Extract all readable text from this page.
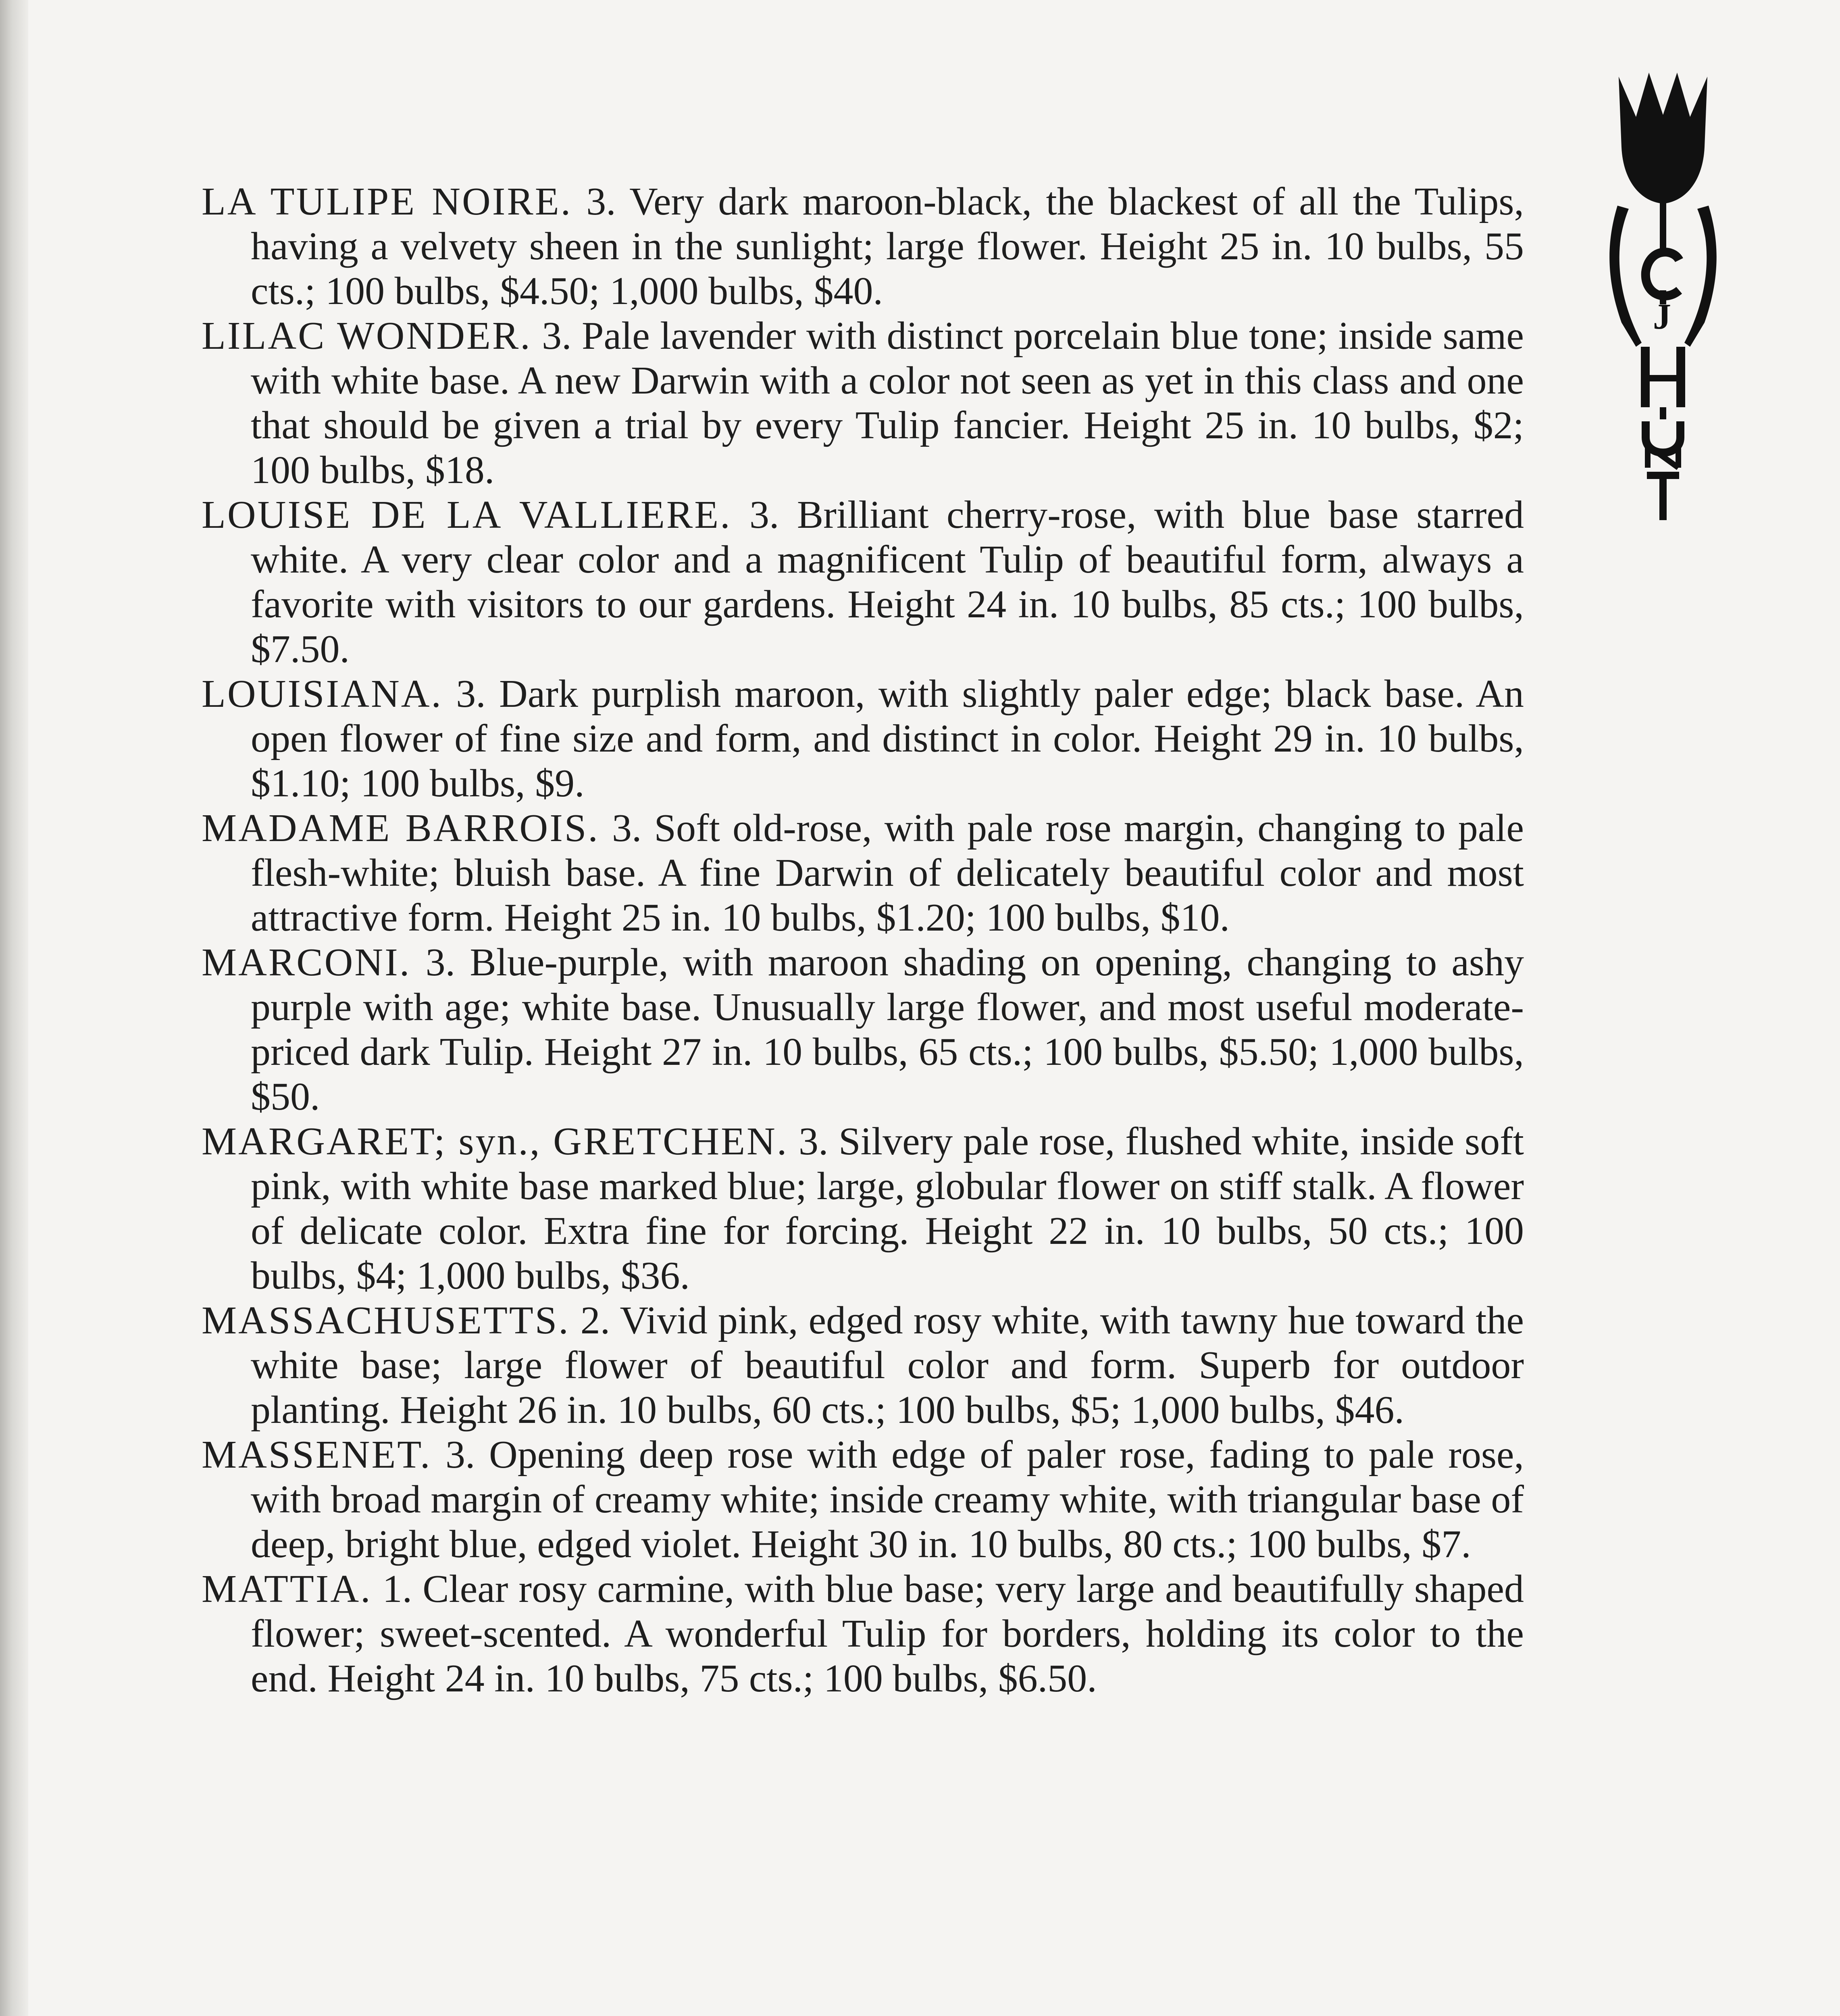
J

LA TULIPE NOIRE. 3. Very dark maroon-black, the blackest of all the Tulips, having a velvety sheen in the sunlight; large flower. Height 25 in. 10 bulbs, 55 cts.; 100 bulbs, $4.50; 1,000 bulbs, $40.

LILAC WONDER. 3. Pale lavender with distinct porcelain blue tone; inside same with white base. A new Darwin with a color not seen as yet in this class and one that should be given a trial by every Tulip fancier. Height 25 in. 10 bulbs, $2; 100 bulbs, $18.

LOUISE DE LA VALLIERE. 3. Brilliant cherry-rose, with blue base starred white. A very clear color and a magnificent Tulip of beautiful form, always a favorite with visitors to our gardens. Height 24 in. 10 bulbs, 85 cts.; 100 bulbs, $7.50.

LOUISIANA. 3. Dark purplish maroon, with slightly paler edge; black base. An open flower of fine size and form, and distinct in color. Height 29 in. 10 bulbs, $1.10; 100 bulbs, $9.

MADAME BARROIS. 3. Soft old-rose, with pale rose margin, changing to pale flesh-white; bluish base. A fine Darwin of delicately beautiful color and most attractive form. Height 25 in. 10 bulbs, $1.20; 100 bulbs, $10.

MARCONI. 3. Blue-purple, with maroon shading on opening, changing to ashy purple with age; white base. Unusually large flower, and most useful moderate-priced dark Tulip. Height 27 in. 10 bulbs, 65 cts.; 100 bulbs, $5.50; 1,000 bulbs, $50.

MARGARET; syn., GRETCHEN. 3. Silvery pale rose, flushed white, inside soft pink, with white base marked blue; large, globular flower on stiff stalk. A flower of delicate color. Extra fine for forcing. Height 22 in. 10 bulbs, 50 cts.; 100 bulbs, $4; 1,000 bulbs, $36.

MASSACHUSETTS. 2. Vivid pink, edged rosy white, with tawny hue toward the white base; large flower of beautiful color and form. Superb for outdoor planting. Height 26 in. 10 bulbs, 60 cts.; 100 bulbs, $5; 1,000 bulbs, $46.

MASSENET. 3. Opening deep rose with edge of paler rose, fading to pale rose, with broad margin of creamy white; inside creamy white, with triangular base of deep, bright blue, edged violet. Height 30 in. 10 bulbs, 80 cts.; 100 bulbs, $7.

MATTIA. 1. Clear rosy carmine, with blue base; very large and beautifully shaped flower; sweet-scented. A wonderful Tulip for borders, holding its color to the end. Height 24 in. 10 bulbs, 75 cts.; 100 bulbs, $6.50.
